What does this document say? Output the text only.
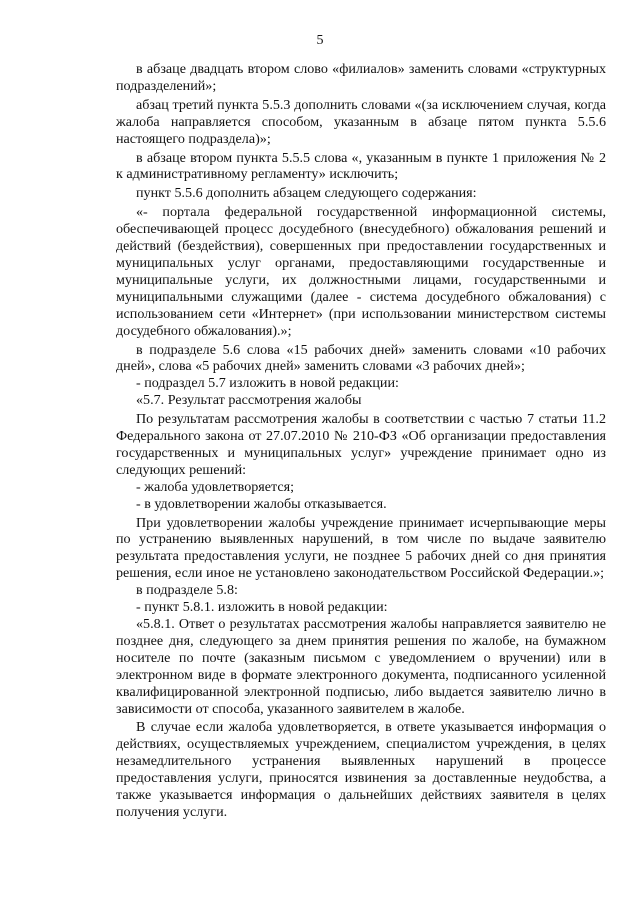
5

в абзаце двадцать втором слово «филиалов» заменить словами «структурных подразделений»;

абзац третий пункта 5.5.3 дополнить словами «(за исключением случая, когда жалоба направляется способом, указанным в абзаце пятом пункта 5.5.6 настоящего подраздела)»;

в абзаце втором пункта 5.5.5 слова «, указанным в пункте 1 приложения № 2 к административному регламенту» исключить;

пункт 5.5.6 дополнить абзацем следующего содержания:

«- портала федеральной государственной информационной системы, обеспечивающей процесс досудебного (внесудебного) обжалования решений и действий (бездействия), совершенных при предоставлении государственных и муниципальных услуг органами, предоставляющими государственные и муниципальные услуги, их должностными лицами, государственными и муниципальными служащими (далее - система досудебного обжалования) с использованием сети «Интернет» (при использовании министерством системы досудебного обжалования).»;

в подразделе 5.6 слова «15 рабочих дней» заменить словами «10 рабочих дней», слова «5 рабочих дней» заменить словами «3 рабочих дней»;

- подраздел 5.7 изложить в новой редакции:

«5.7. Результат рассмотрения жалобы

По результатам рассмотрения жалобы в соответствии с частью 7 статьи 11.2 Федерального закона от 27.07.2010 № 210-ФЗ «Об организации предоставления государственных и муниципальных услуг» учреждение принимает одно из следующих решений:

- жалоба удовлетворяется;

- в удовлетворении жалобы отказывается.

При удовлетворении жалобы учреждение принимает исчерпывающие меры по устранению выявленных нарушений, в том числе по выдаче заявителю результата предоставления услуги, не позднее 5 рабочих дней со дня принятия решения, если иное не установлено законодательством Российской Федерации.»;

в подразделе 5.8:

- пункт 5.8.1. изложить в новой редакции:

«5.8.1. Ответ о результатах рассмотрения жалобы направляется заявителю не позднее дня, следующего за днем принятия решения по жалобе, на бумажном носителе по почте (заказным письмом с уведомлением о вручении) или в электронном виде в формате электронного документа, подписанного усиленной квалифицированной электронной подписью, либо выдается заявителю лично в зависимости от способа, указанного заявителем в жалобе.

В случае если жалоба удовлетворяется, в ответе указывается информация о действиях, осуществляемых учреждением, специалистом учреждения, в целях незамедлительного устранения выявленных нарушений в процессе предоставления услуги, приносятся извинения за доставленные неудобства, а также указывается информация о дальнейших действиях заявителя в целях получения услуги.
